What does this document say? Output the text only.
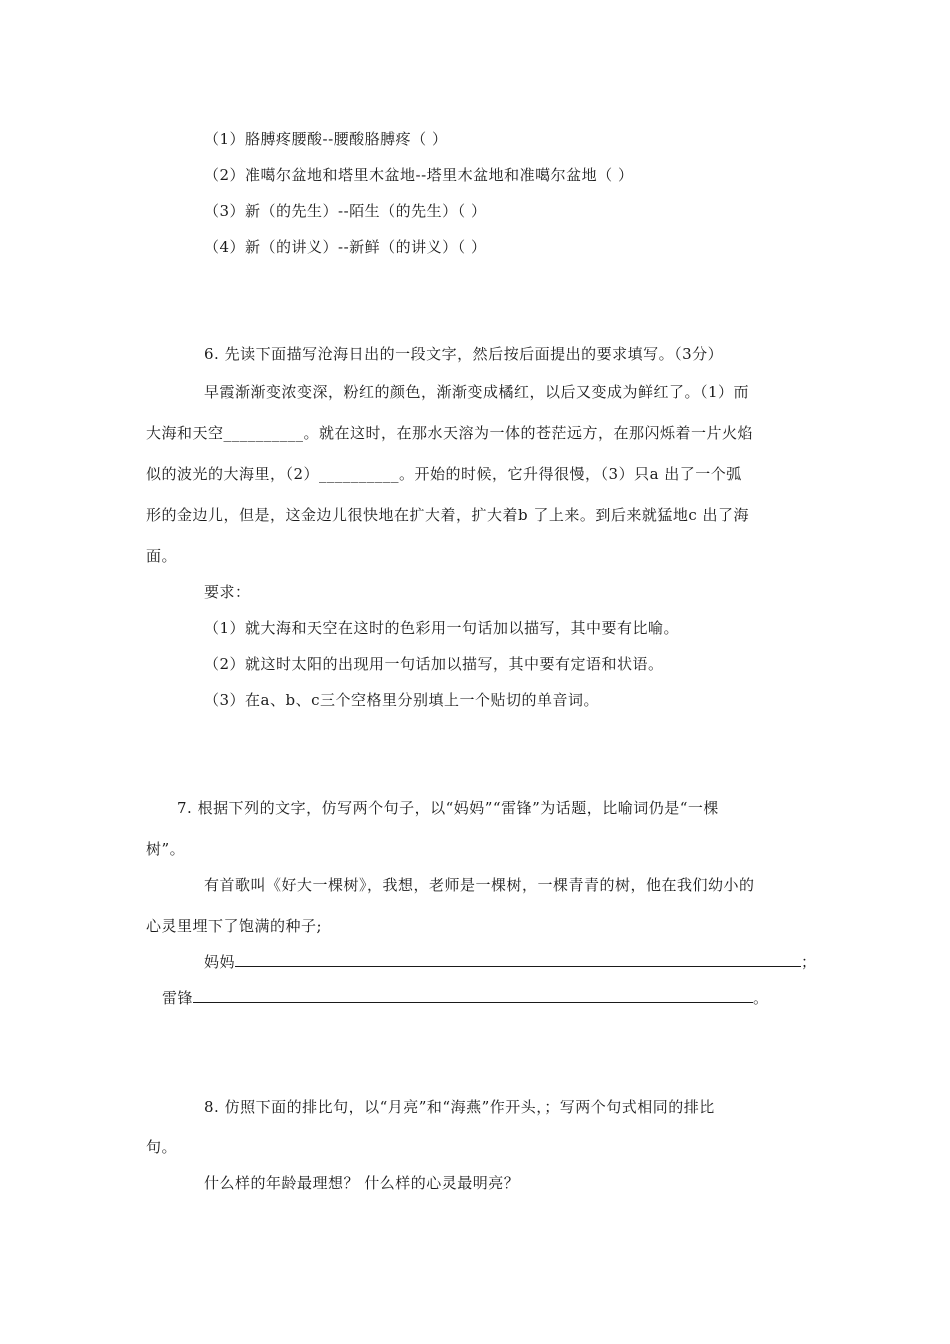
（1）胳膊疼腰酸--腰酸胳膊疼（ ）
（2）准噶尔盆地和塔里木盆地--塔里木盆地和准噶尔盆地（ ）
（3）新（的先生）--陌生（的先生）（ ）
（4）新（的讲义）--新鲜（的讲义）（ ）
6. 先读下面描写沧海日出的一段文字，然后按后面提出的要求填写。（3分）
早霞渐渐变浓变深，粉红的颜色，渐渐变成橘红，以后又变成为鲜红了。（1）而
大海和天空__________。就在这时，在那水天溶为一体的苍茫远方，在那闪烁着一片火焰
似的波光的大海里，（2）__________。开始的时候，它升得很慢，（3）只a 出了一个弧
形的金边儿，但是，这金边儿很快地在扩大着，扩大着b 了上来。到后来就猛地c 出了海
面。
要求：
（1）就大海和天空在这时的色彩用一句话加以描写，其中要有比喻。
（2）就这时太阳的出现用一句话加以描写，其中要有定语和状语。
（3）在a、b、c三个空格里分别填上一个贴切的单音词。
7. 根据下列的文字，仿写两个句子，以“妈妈”“雷锋”为话题，比喻词仍是“一棵
树”。
有首歌叫《好大一棵树》，我想，老师是一棵树，一棵青青的树，他在我们幼小的
心灵里埋下了饱满的种子;
妈妈	；
雷锋	。
8. 仿照下面的排比句，以“月亮”和“海燕”作开头，；写两个句式相同的排比
句。
什么样的年龄最理想？ 什么样的心灵最明亮？
